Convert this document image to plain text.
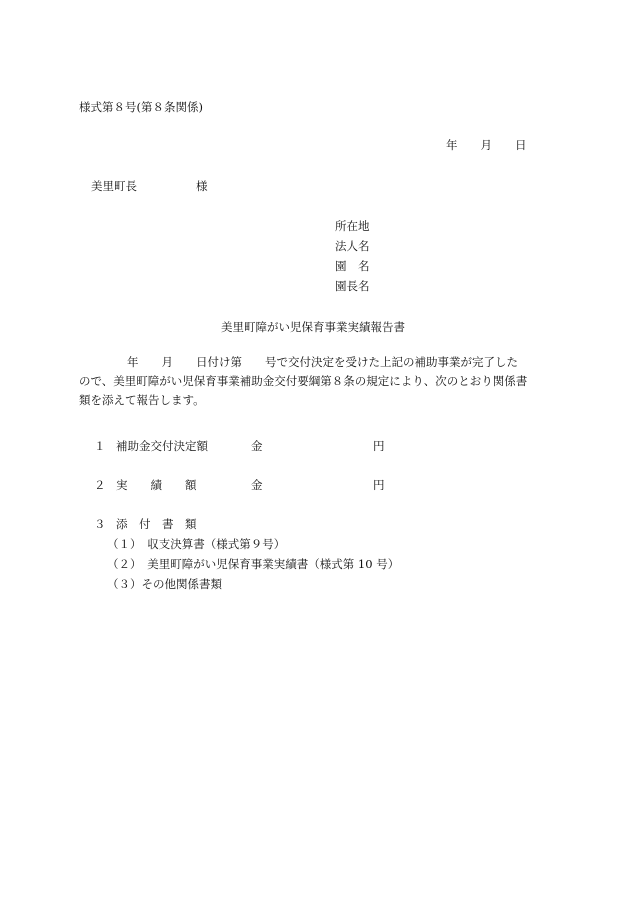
様式第８号(第８条関係)
年　　月　　日
美里町長	様
所在地
法人名
園　名
園長名
美里町障がい児保育事業実績報告書
年　　月　　日付け第　　号で交付決定を受けた上記の補助事業が完了した
ので、美里町障がい児保育事業補助金交付要綱第８条の規定により、次のとおり関係書
類を添えて報告します。
１ 補助金交付決定額	金	円
２ 実　　績　　額	金	円
３ 添　付　書　類
（１）　収支決算書（様式第９号）
（２）　美里町障がい児保育事業実績書（様式第 10 号）
（３）その他関係書類
